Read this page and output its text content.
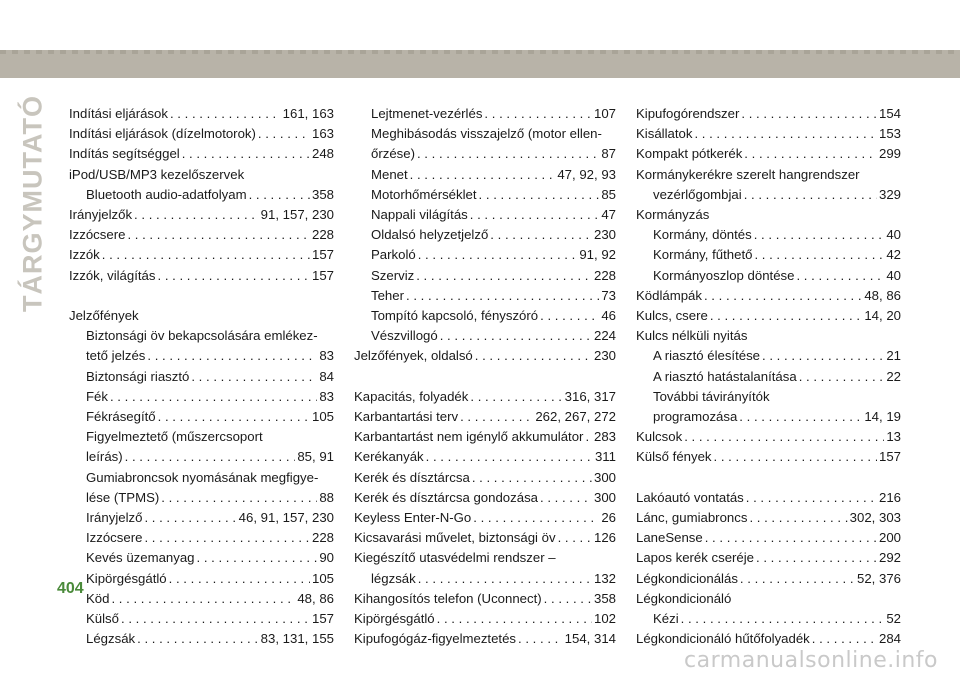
TÁRGYMUTATÓ Indítási eljárások . . .	161, 163
Indítási eljárások (dízelmotorok) . . .	163
Indítás segítséggel . . .	248
iPod/USB/MP3 kezelőszervek
Bluetooth audio-adatfolyam . . .	358
Irányjelzők . . .	91, 157, 230
Izzócsere . . .	228
Izzók . . .	157
Izzók, világítás . . .	157
Jelzőfények
Biztonsági öv bekapcsolására emlékez-
tető jelzés . . .	83
Biztonsági riasztó . . .	84
Fék . . .	83
Fékrásegítő . . .	105
Figyelmeztető (műszercsoport
leírás) . . .	85, 91
Gumiabroncsok nyomásának megfigye-
lése (TPMS) . . .	88
Irányjelző . . .	46, 91, 157, 230
Izzócsere . . .	228
Kevés üzemanyag . . .	90
Kipörgésgátló . . .	105
Köd . . .	48, 86
Külső . . .	157
Légzsák . . .	83, 131, 155
Lejtmenet-vezérlés . . .	107
Meghibásodás visszajelző (motor ellen-
őrzése) . . .	87
Menet . . .	47, 92, 93
Motorhőmérséklet . . .	85
Nappali világítás . . .	47
Oldalsó helyzetjelző . . .	230
Parkoló . . .	91, 92
Szerviz . . .	228
Teher . . .	73
Tompító kapcsoló, fényszóró . . .	46
Vészvillogó . . .	224
Jelzőfények, oldalsó . . .	230
Kapacitás, folyadék . . .	316, 317
Karbantartási terv . . .	262, 267, 272
Karbantartást nem igénylő akkumulátor . . . 283
Kerékanyák . . .	311
Kerék és dísztárcsa . . .	300
Kerék és dísztárcsa gondozása . . .	300
Keyless Enter-N-Go . . .	26
Kicsavarási művelet, biztonsági öv . . .	126
Kiegészítő utasvédelmi rendszer –
légzsák . . .	132
Kihangosítós telefon (Uconnect) . . .	358
Kipörgésgátló . . .	102
Kipufogógáz-figyelmeztetés . . .	154, 314
Kipufogórendszer . . .	154
Kisállatok . . .	153
Kompakt pótkerék . . .	299
Kormánykerékre szerelt hangrendszer
vezérlőgombjai . . .	329
Kormányzás
Kormány, döntés . . .	40
Kormány, fűthető . . .	42
Kormányoszlop döntése . . .	40
Ködlámpák . . .	48, 86
Kulcs, csere . . .	14, 20
Kulcs nélküli nyitás
A riasztó élesítése . . .	21
A riasztó hatástalanítása . . .	22
További távirányítók
programozása . . .	14, 19
Kulcsok . . .	13
Külső fények . . .	157
Lakóautó vontatás . . .	216
Lánc, gumiabroncs . . .	302, 303
LaneSense . . .	200
Lapos kerék cseréje . . .	292
Légkondicionálás . . .	52, 376
Légkondicionáló
Kézi . . .	52
Légkondicionáló hűtőfolyadék . . .	284
404
carmanualsonline.info
